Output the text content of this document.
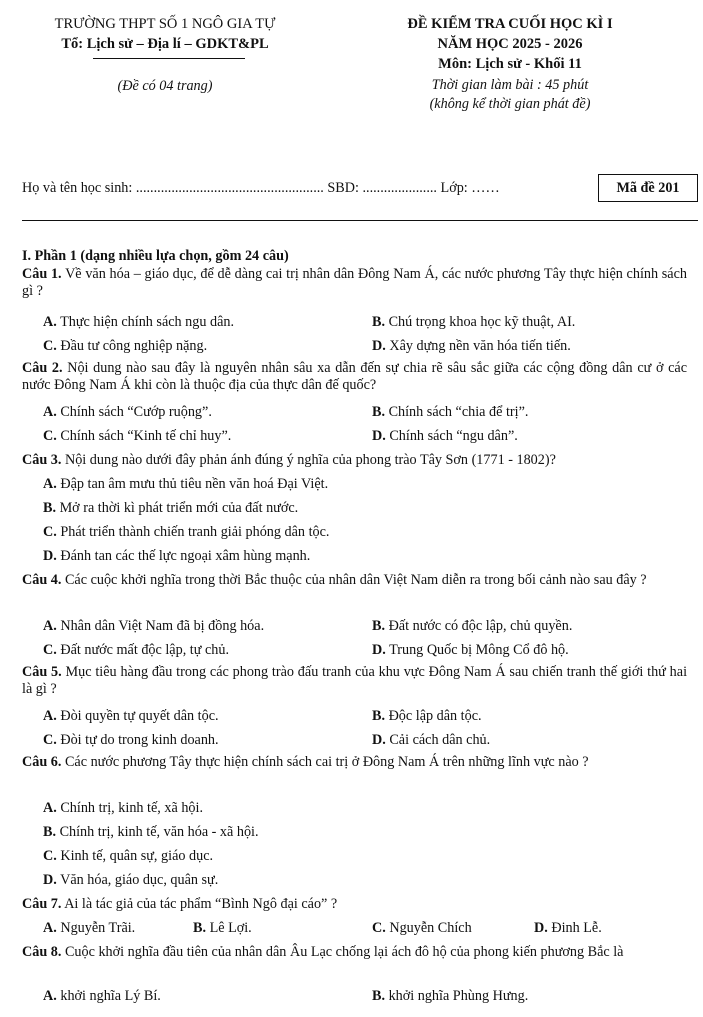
TRƯỜNG THPT SỐ 1 NGÔ GIA TỰ
Tổ: Lịch sử – Địa lí – GDKT&PL
(Đề có 04 trang)
ĐỀ KIỂM TRA CUỐI HỌC KÌ I
NĂM HỌC 2025 - 2026
Môn: Lịch sử - Khối 11
Thời gian làm bài : 45 phút
(không kể thời gian phát đề)
Họ và tên học sinh: ..................................................... SBD: ..................... Lớp: ……	Mã đề 201
I. Phần 1 (dạng nhiều lựa chọn, gồm 24 câu)
Câu 1. Về văn hóa – giáo dục, để dễ dàng cai trị nhân dân Đông Nam Á, các nước phương Tây thực hiện chính sách gì ?
A. Thực hiện chính sách ngu dân.	B. Chú trọng khoa học kỹ thuật, AI.
C. Đầu tư công nghiệp nặng.	D. Xây dựng nền văn hóa tiến tiến.
Câu 2. Nội dung nào sau đây là nguyên nhân sâu xa dẫn đến sự chia rẽ sâu sắc giữa các cộng đồng dân cư ở các nước Đông Nam Á khi còn là thuộc địa của thực dân đế quốc?
A. Chính sách “Cướp ruộng”.	B. Chính sách “chia để trị”.
C. Chính sách “Kinh tế chỉ huy”.	D. Chính sách “ngu dân”.
Câu 3. Nội dung nào dưới đây phản ánh đúng ý nghĩa của phong trào Tây Sơn (1771 - 1802)?
A. Đập tan âm mưu thủ tiêu nền văn hoá Đại Việt.
B. Mở ra thời kì phát triển mới của đất nước.
C. Phát triển thành chiến tranh giải phóng dân tộc.
D. Đánh tan các thế lực ngoại xâm hùng mạnh.
Câu 4. Các cuộc khởi nghĩa trong thời Bắc thuộc của nhân dân Việt Nam diễn ra trong bối cảnh nào sau đây ?
A. Nhân dân Việt Nam đã bị đồng hóa.	B. Đất nước có độc lập, chủ quyền.
C. Đất nước mất độc lập, tự chủ.	D. Trung Quốc bị Mông Cổ đô hộ.
Câu 5. Mục tiêu hàng đầu trong các phong trào đấu tranh của khu vực Đông Nam Á sau chiến tranh thế giới thứ hai là gì ?
A. Đòi quyền tự quyết dân tộc.	B. Độc lập dân tộc.
C. Đòi tự do trong kinh doanh.	D. Cải cách dân chủ.
Câu 6. Các nước phương Tây thực hiện chính sách cai trị ở Đông Nam Á trên những lĩnh vực nào ?
A. Chính trị, kinh tế, xã hội.
B. Chính trị, kinh tế, văn hóa - xã hội.
C. Kinh tế, quân sự, giáo dục.
D. Văn hóa, giáo dục, quân sự.
Câu 7. Ai là tác giả của tác phẩm “Bình Ngô đại cáo” ?
A. Nguyễn Trãi.	B. Lê Lợi.	C. Nguyễn Chích	D. Đinh Lễ.
Câu 8. Cuộc khởi nghĩa đầu tiên của nhân dân Âu Lạc chống lại ách đô hộ của phong kiến phương Bắc là
A. khởi nghĩa Lý Bí.	B. khởi nghĩa Phùng Hưng.
